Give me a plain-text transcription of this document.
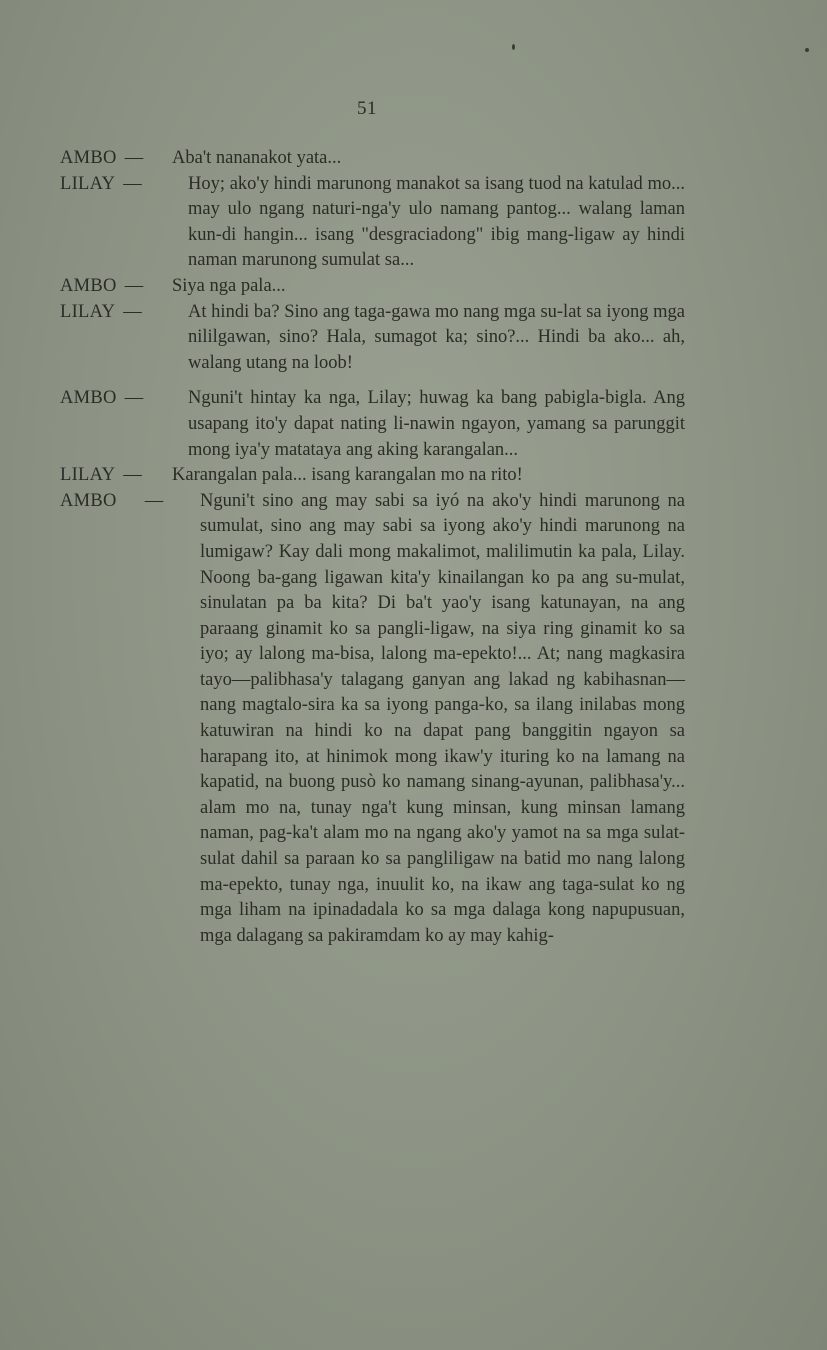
51
AMBO —	Aba't nananakot yata...
LILAY —	Hoy; ako'y hindi marunong manakot sa isang tuod na katulad mo... may ulo ngang naturi-nga'y ulo namang pantog... walang laman kun-di hangin... isang "desgraciadong" ibig mang-ligaw ay hindi naman marunong sumulat sa...
AMBO —	Siya nga pala...
LILAY —	At hindi ba? Sino ang taga-gawa mo nang mga su-lat sa iyong mga nililgawan, sino? Hala, sumagot ka; sino?... Hindi ba ako... ah, walang utang na loob!
AMBO —	Nguni't hintay ka nga, Lilay; huwag ka bang pabigla-bigla. Ang usapang ito'y dapat nating li-nawin ngayon, yamang sa parunggit mong iya'y matataya ang aking karangalan...
LILAY —	Karangalan pala... isang karangalan mo na rito!
AMBO —	Nguni't sino ang may sabi sa iyó na ako'y hindi marunong na sumulat, sino ang may sabi sa iyong ako'y hindi marunong na lumigaw? Kay dali mong makalimot, malilimutin ka pala, Lilay. Noong ba-gang ligawan kita'y kinailangan ko pa ang su-mulat, sinulatan pa ba kita? Di ba't yao'y isang katunayan, na ang paraang ginamit ko sa pangli-ligaw, na siya ring ginamit ko sa iyo; ay lalong ma-bisa, lalong ma-epekto!... At; nang magkasira tayo—palibhasa'y talagang ganyan ang lakad ng kabihasnan—nang magtalo-sira ka sa iyong panga-ko, sa ilang inilabas mong katuwiran na hindi ko na dapat pang banggitin ngayon sa harapang ito, at hinimok mong ikaw'y ituring ko na lamang na kapatid, na buong pusò ko namang sinang-ayunan, palibhasa'y... alam mo na, tunay nga't kung minsan, kung minsan lamang naman, pag-ka't alam mo na ngang ako'y yamot na sa mga sulat-sulat dahil sa paraan ko sa pangliligaw na batid mo nang lalong ma-epekto, tunay nga, inuulit ko, na ikaw ang taga-sulat ko ng mga liham na ipinadadala ko sa mga dalaga kong napupusuan, mga dalagang sa pakiramdam ko ay may kahig-
